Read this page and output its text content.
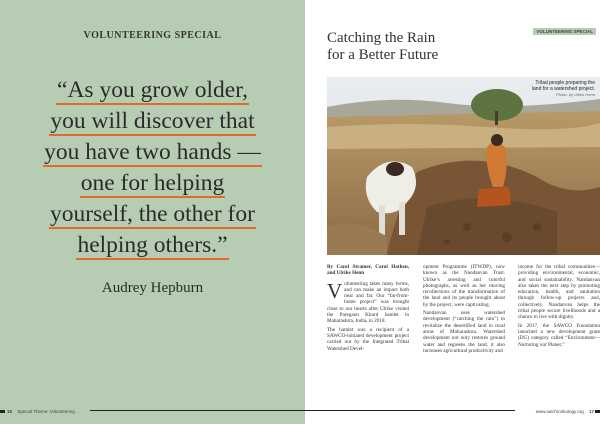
VOLUNTEERING SPECIAL
“As you grow older,
you will discover that
you have two hands —
one for helping
yourself, the other for
helping others.”
Audrey Hepburn
18 Special Theme: Volunteering
VOLUNTEERING SPECIAL
Catching the Rain
for a Better Future
Tribal people preparing the land for a watershed project.
Photo: by Ulrike Henn
By Carol Stramer, Carol Hathen, and Ulrike Henn

Volunteering takes many forms, and can make an impact both near and far. Our “far-from-home project” was brought close to our hearts after Ulrike visited the Paregaon Khurd hamlet in Maharashtra, India, in 2018.

The hamlet was a recipient of a SAWCO-initiated development project carried out by the Integrated Tribal Watershed Devel-

opment Programme (ITWDP), now known as the Nandanvan Trust. Ulrike’s arresting and colorful photographs, as well as her moving recollections of the transformation of the land and its people brought about by the project, were captivating.

Nandanvan uses watershed development (“catching the rain”) to revitalize the desertified land in rural areas of Maharashtra. Watershed development not only restores ground water and regreens the land, it also increases agricultural productivity and

income for the tribal communities—providing environmental, economic, and social sustainability. Nandanvan also takes the next step by promoting education, health, and sanitation through follow-up projects and, collectively, Nandanvan helps the tribal people secure livelihoods and a chance to live with dignity.

In 2017, the SAWCO Foundation launched a new development grant (DG) category called “Environment—Nurturing our Planet.”

www.swchronkology.org 17
